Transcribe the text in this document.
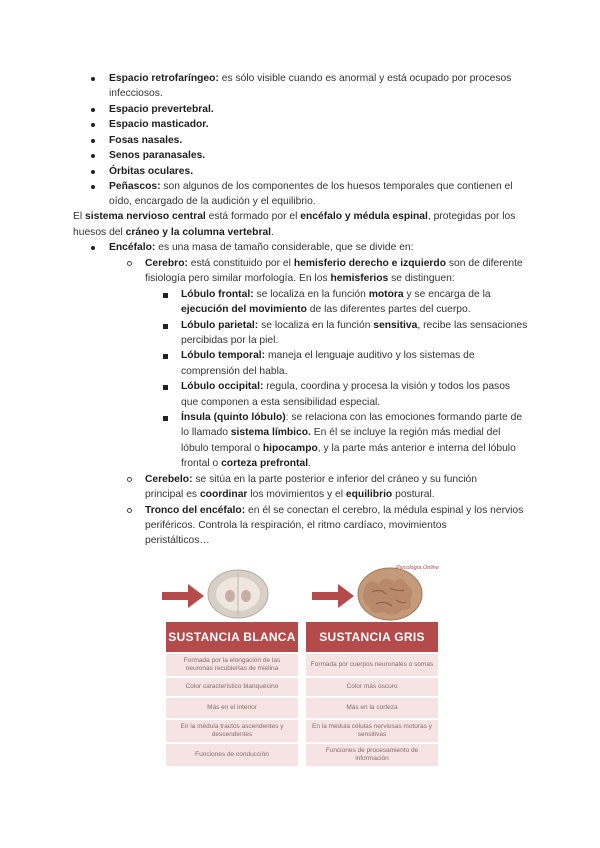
Espacio retrofaríngeo: es sólo visible cuando es anormal y está ocupado por procesos
infecciosos.
Espacio prevertebral.
Espacio masticador.
Fosas nasales.
Senos paranasales.
Órbitas oculares.
Peñascos: son algunos de los componentes de los huesos temporales que contienen el
oído, encargado de la audición y el equilibrio.
El sistema nervioso central está formado por el encéfalo y médula espinal, protegidas por los
huesos del cráneo y la columna vertebral.
Encéfalo: es una masa de tamaño considerable, que se divide en:
Cerebro: está constituido por el hemisferio derecho e izquierdo son de diferente
fisiología pero similar morfología. En los hemisferios se distinguen:
Lóbulo frontal: se localiza en la función motora y se encarga de la
ejecución del movimiento de las diferentes partes del cuerpo.
Lóbulo parietal: se localiza en la función sensitiva, recibe las sensaciones
percibidas por la piel.
Lóbulo temporal: maneja el lenguaje auditivo y los sistemas de
comprensión del habla.
Lóbulo occipital: regula, coordina y procesa la visión y todos los pasos
que componen a esta sensibilidad especial.
Ínsula (quinto lóbulo): se relaciona con las emociones formando parte de
lo llamado sistema límbico. En él se incluye la región más medial del
lóbulo temporal o hipocampo, y la parte más anterior e interna del lóbulo
frontal o corteza prefrontal.
Cerebelo: se sitúa en la parte posterior e inferior del cráneo y su función
principal es coordinar los movimientos y el equilibrio postural.
Tronco del encéfalo: en él se conectan el cerebro, la médula espinal y los nervios
periféricos. Controla la respiración, el ritmo cardíaco, movimientos
peristálticos…
Psicología Online
SUSTANCIA BLANCA	SUSTANCIA GRIS
Formada por la elongación de las neuronas recubiertas de mielina
Color característico blanquecino
Más en el interior
En la médula tractos ascendentes y descendentes
Funciones de conducción
Formada por cuerpos neuronales o somas
Color más oscuro
Más en la corteza
En la médula células nerviosas motoras y sensitivas
Funciones de procesamiento de información
